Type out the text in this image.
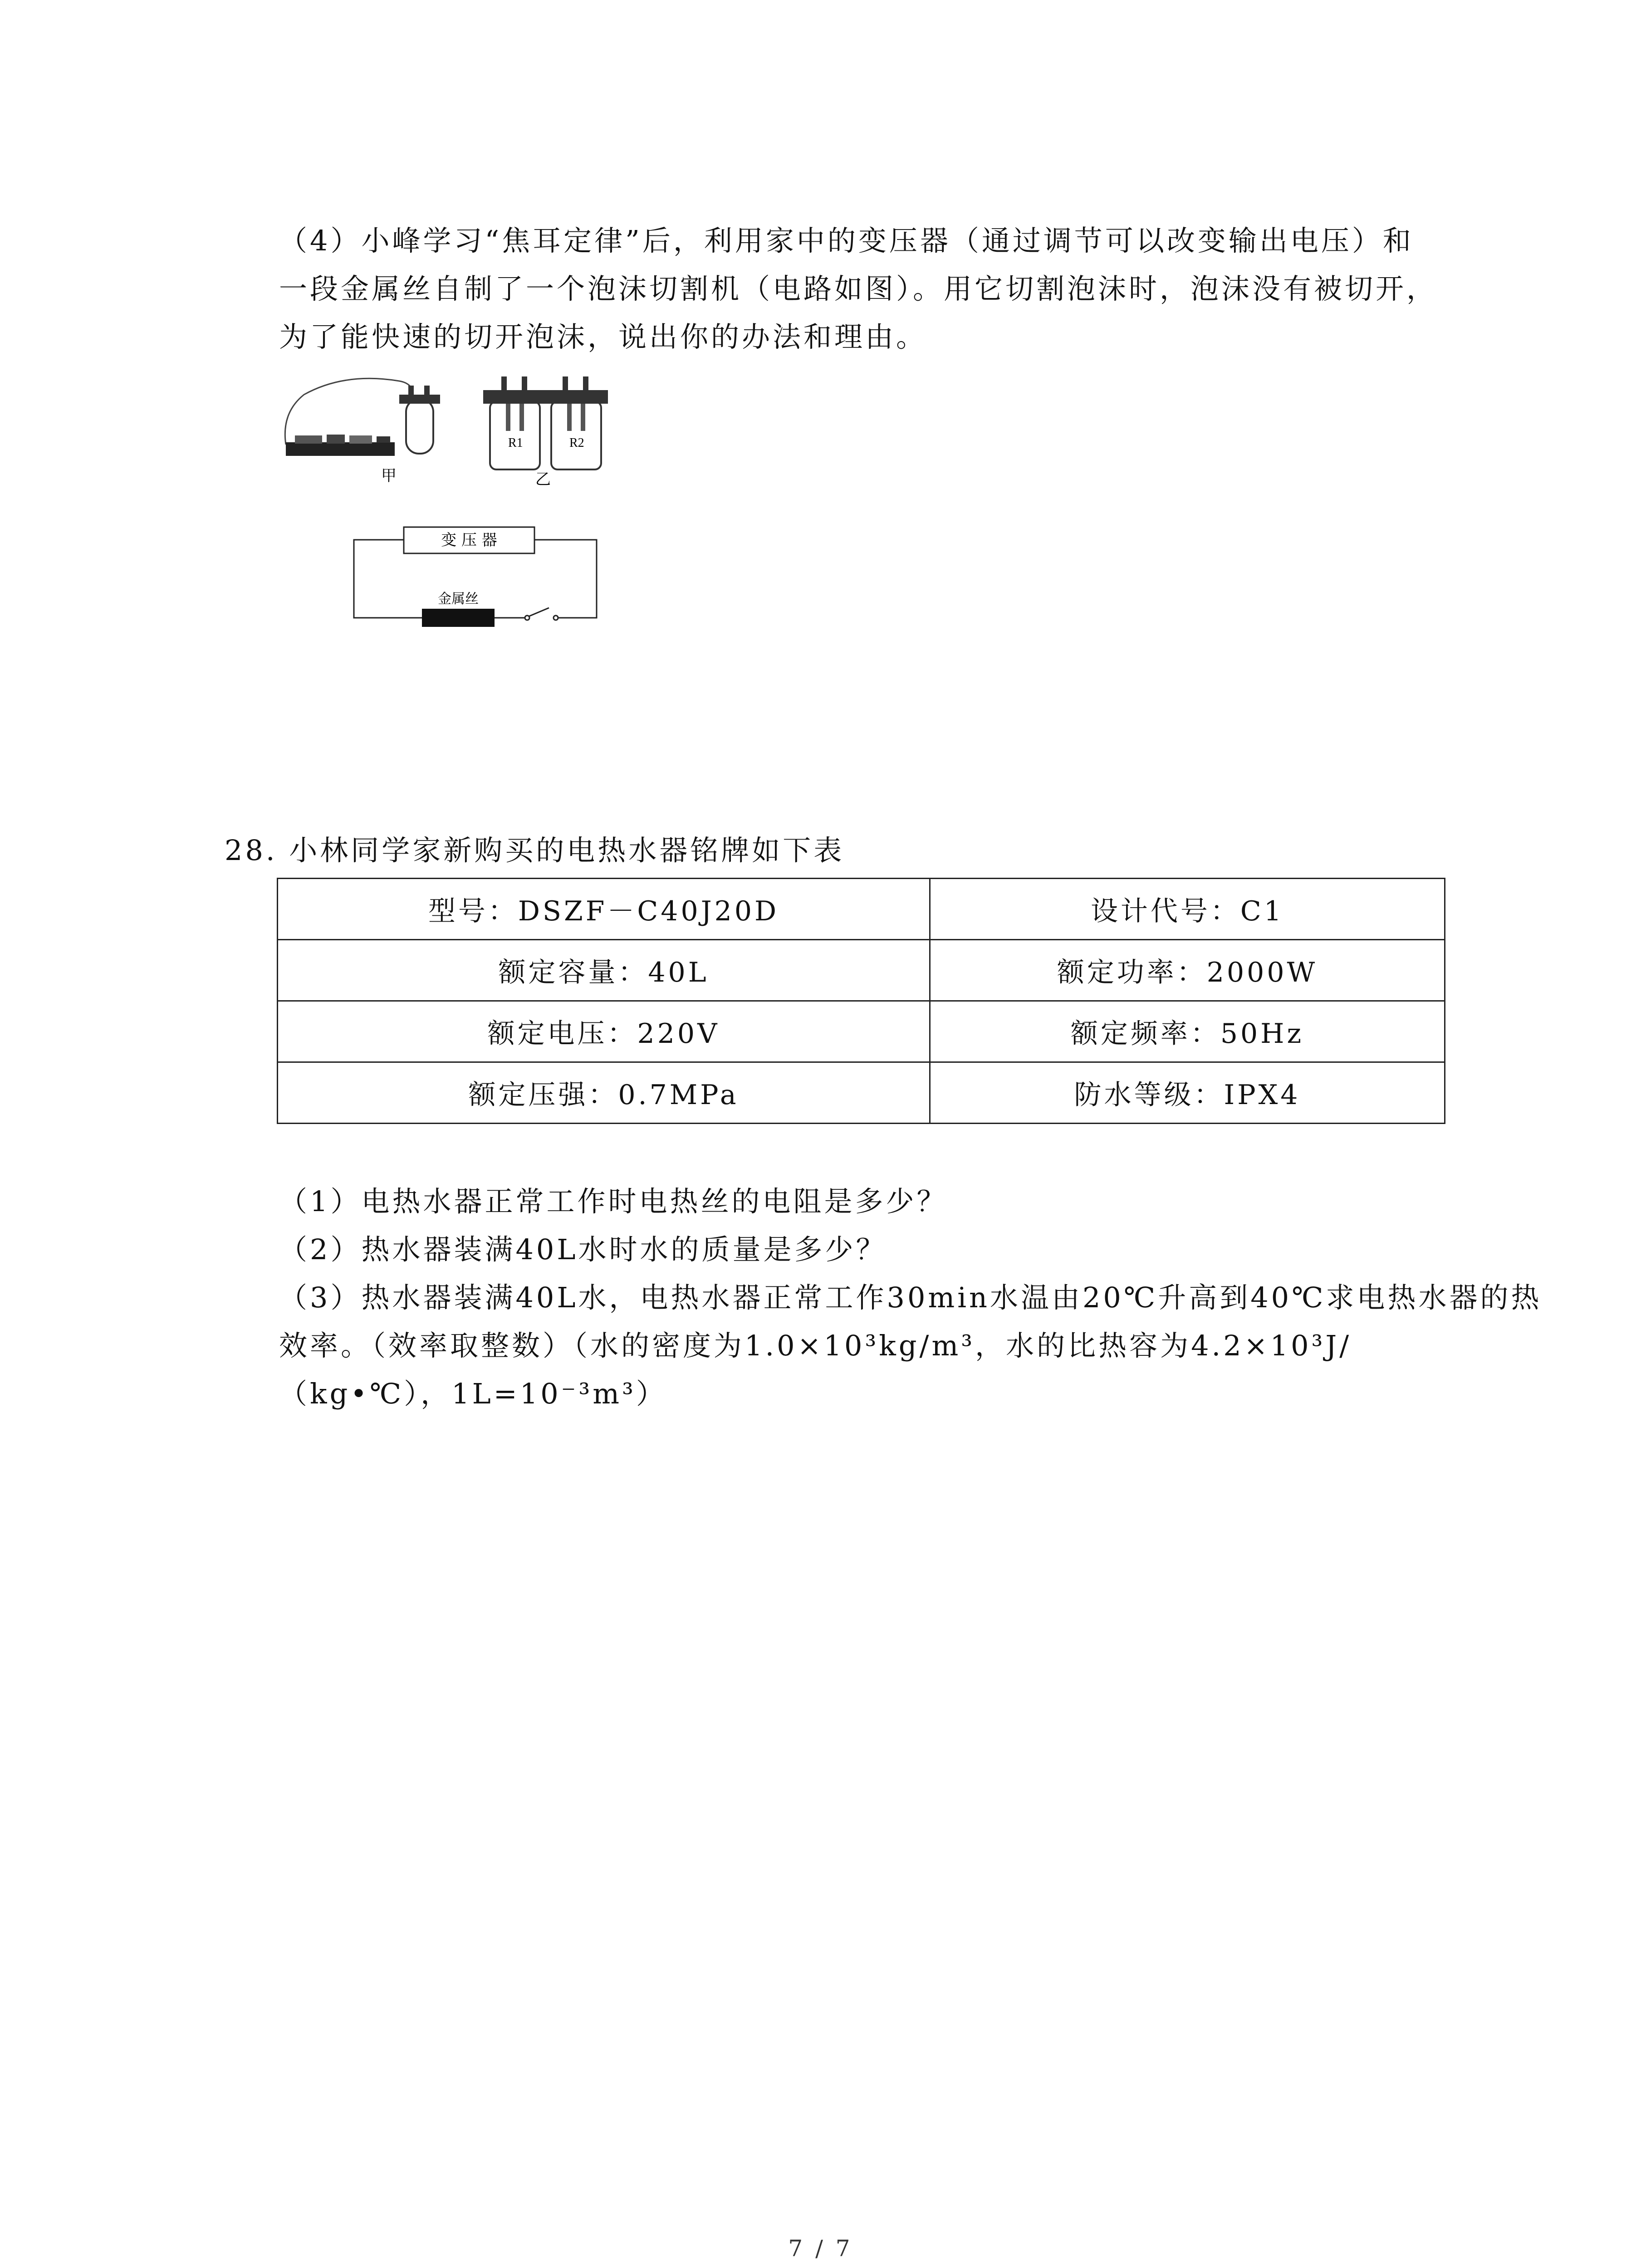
（4）小峰学习“焦耳定律”后，利用家中的变压器（通过调节可以改变输出电压）和
一段金属丝自制了一个泡沫切割机（电路如图）。用它切割泡沫时，泡沫没有被切开，
为了能快速的切开泡沫，说出你的办法和理由。
R1	R2
甲	乙
变 压 器
金属丝
28. 小林同学家新购买的电热水器铭牌如下表
型号：DSZF－C40J20D	设计代号：C1
额定容量：40L	额定功率：2000W
额定电压：220V	额定频率：50Hz
额定压强：0.7MPa	防水等级：IPX4
（1）电热水器正常工作时电热丝的电阻是多少？
（2）热水器装满40L水时水的质量是多少？
（3）热水器装满40L水，电热水器正常工作30min水温由20℃升高到40℃求电热水器的热
效率。（效率取整数）（水的密度为1.0×10³kg/m³，水的比热容为4.2×10³J/
（kg•℃），1L=10⁻³m³）
7 / 7
